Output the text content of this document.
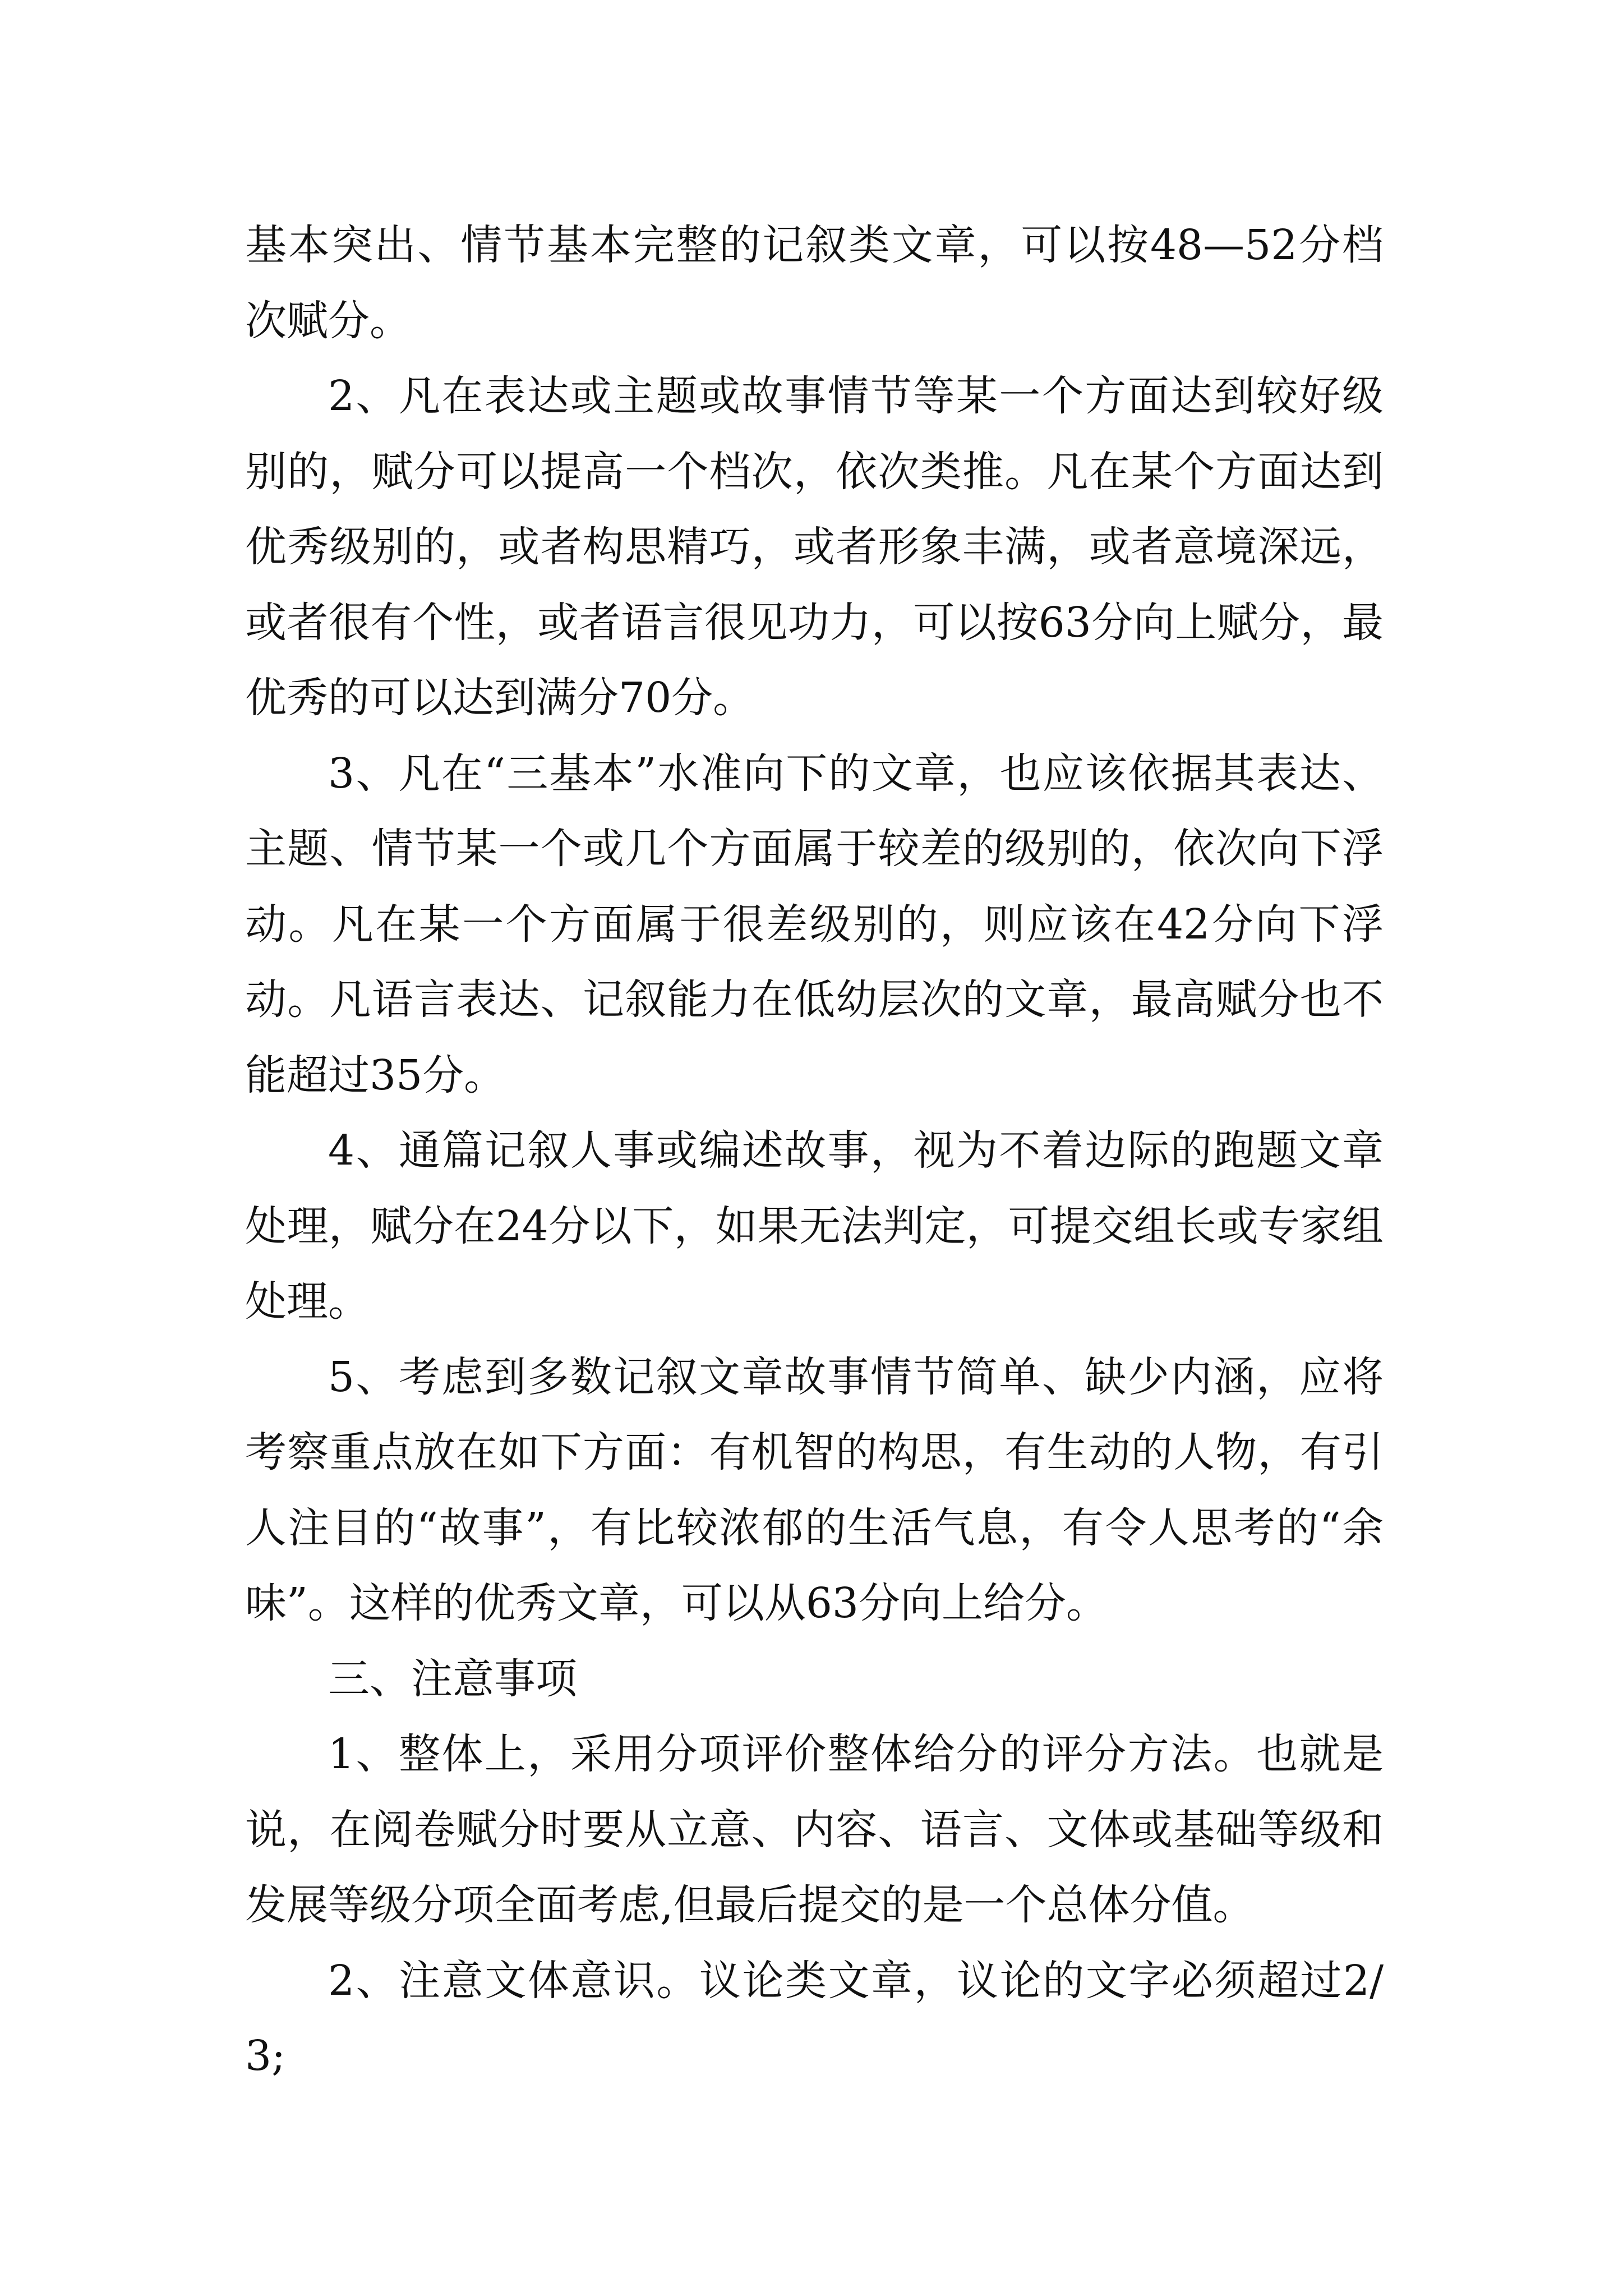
基本突出、情节基本完整的记叙类文章，可以按48—52分档次赋分。

2、凡在表达或主题或故事情节等某一个方面达到较好级别的，赋分可以提高一个档次，依次类推。凡在某个方面达到优秀级别的，或者构思精巧，或者形象丰满，或者意境深远，或者很有个性，或者语言很见功力，可以按63分向上赋分，最优秀的可以达到满分70分。

3、凡在“三基本”水准向下的文章，也应该依据其表达、主题、情节某一个或几个方面属于较差的级别的，依次向下浮动。凡在某一个方面属于很差级别的，则应该在42分向下浮动。凡语言表达、记叙能力在低幼层次的文章，最高赋分也不能超过35分。

4、通篇记叙人事或编述故事，视为不着边际的跑题文章处理，赋分在24分以下，如果无法判定，可提交组长或专家组处理。

5、考虑到多数记叙文章故事情节简单、缺少内涵，应将考察重点放在如下方面：有机智的构思，有生动的人物，有引人注目的“故事”，有比较浓郁的生活气息，有令人思考的“余味”。这样的优秀文章，可以从63分向上给分。

三、注意事项

1、整体上，采用分项评价整体给分的评分方法。也就是说，在阅卷赋分时要从立意、内容、语言、文体或基础等级和发展等级分项全面考虑,但最后提交的是一个总体分值。

2、注意文体意识。议论类文章，议论的文字必须超过2/3;
